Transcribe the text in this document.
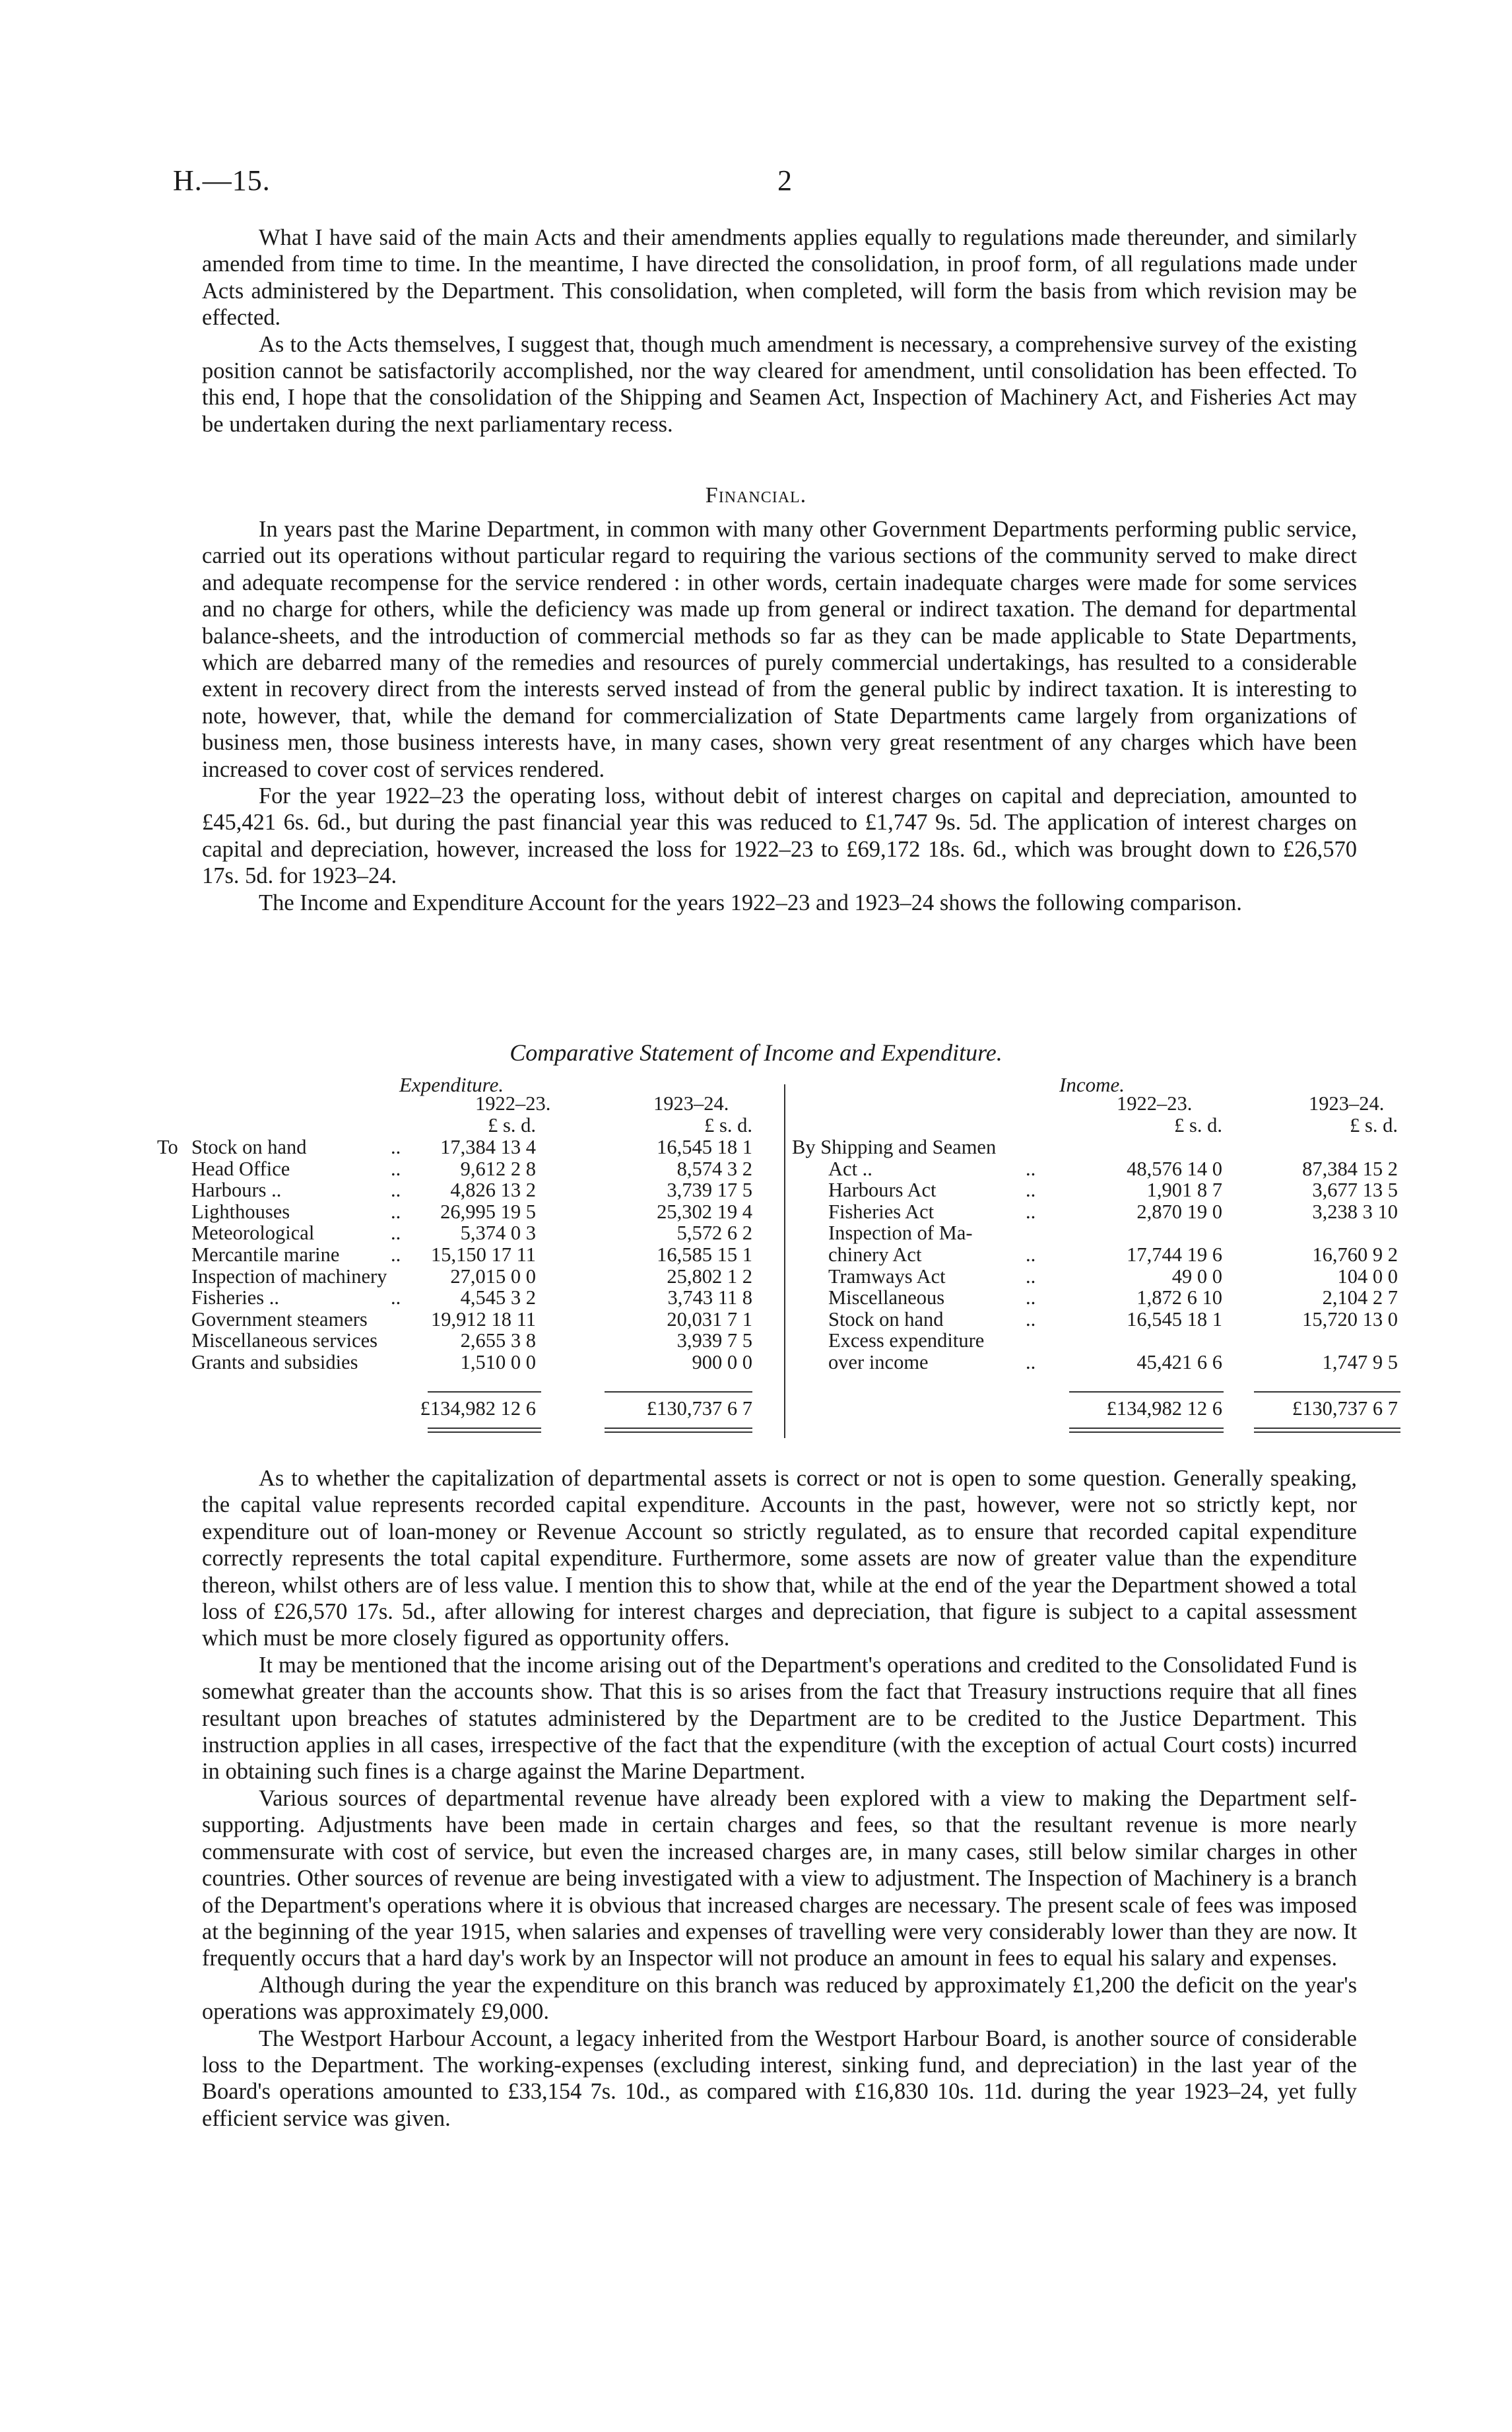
H.—15.	2

What I have said of the main Acts and their amendments applies equally to regulations made thereunder, and similarly amended from time to time. In the meantime, I have directed the consolidation, in proof form, of all regulations made under Acts administered by the Department. This consolidation, when completed, will form the basis from which revision may be effected.

As to the Acts themselves, I suggest that, though much amendment is necessary, a comprehensive survey of the existing position cannot be satisfactorily accomplished, nor the way cleared for amendment, until consolidation has been effected. To this end, I hope that the consolidation of the Shipping and Seamen Act, Inspection of Machinery Act, and Fisheries Act may be undertaken during the next parliamentary recess.

Financial.

In years past the Marine Department, in common with many other Government Departments performing public service, carried out its operations without particular regard to requiring the various sections of the community served to make direct and adequate recompense for the service rendered : in other words, certain inadequate charges were made for some services and no charge for others, while the deficiency was made up from general or indirect taxation. The demand for departmental balance-sheets, and the introduction of commercial methods so far as they can be made applicable to State Departments, which are debarred many of the remedies and resources of purely commercial undertakings, has resulted to a considerable extent in recovery direct from the interests served instead of from the general public by indirect taxation. It is interesting to note, however, that, while the demand for commercialization of State Departments came largely from organizations of business men, those business interests have, in many cases, shown very great resentment of any charges which have been increased to cover cost of services rendered.

For the year 1922–23 the operating loss, without debit of interest charges on capital and depreciation, amounted to £45,421 6s. 6d., but during the past financial year this was reduced to £1,747 9s. 5d. The application of interest charges on capital and depreciation, however, increased the loss for 1922–23 to £69,172 18s. 6d., which was brought down to £26,570 17s. 5d. for 1923–24.

The Income and Expenditure Account for the years 1922–23 and 1923–24 shows the following comparison.

Comparative Statement of Income and Expenditure.
Expenditure.	Income.
1922–23.	1923–24.	1922–23.	1923–24.
£ s. d.	£ s. d.	£ s. d.	£ s. d.
To Stock on hand	..	17,384 13 4	16,545 18 1
Head Office	..	9,612 2 8	8,574 3 2
Harbours ..	..	4,826 13 2	3,739 17 5
Lighthouses	..	26,995 19 5	25,302 19 4
Meteorological	..	5,374 0 3	5,572 6 2
Mercantile marine	..	15,150 17 11	16,585 15 1
Inspection of machinery	27,015 0 0	25,802 1 2
Fisheries ..	..	4,545 3 2	3,743 11 8
Government steamers	19,912 18 11	20,031 7 1
Miscellaneous services	2,655 3 8	3,939 7 5
Grants and subsidies	1,510 0 0	900 0 0
By Shipping and Seamen
Act ..	..	48,576 14 0	87,384 15 2
Harbours Act	..	1,901 8 7	3,677 13 5
Fisheries Act	..	2,870 19 0	3,238 3 10
Inspection of Ma-
chinery Act	..	17,744 19 6	16,760 9 2
Tramways Act	..	49 0 0	104 0 0
Miscellaneous	..	1,872 6 10	2,104 2 7
Stock on hand	..	16,545 18 1	15,720 13 0
Excess expenditure
over income	..	45,421 6 6	1,747 9 5
£134,982 12 6	£130,737 6 7	£134,982 12 6	£130,737 6 7

As to whether the capitalization of departmental assets is correct or not is open to some question. Generally speaking, the capital value represents recorded capital expenditure. Accounts in the past, however, were not so strictly kept, nor expenditure out of loan-money or Revenue Account so strictly regulated, as to ensure that recorded capital expenditure correctly represents the total capital expenditure. Furthermore, some assets are now of greater value than the expenditure thereon, whilst others are of less value. I mention this to show that, while at the end of the year the Department showed a total loss of £26,570 17s. 5d., after allowing for interest charges and depreciation, that figure is subject to a capital assessment which must be more closely figured as opportunity offers.

It may be mentioned that the income arising out of the Department's operations and credited to the Consolidated Fund is somewhat greater than the accounts show. That this is so arises from the fact that Treasury instructions require that all fines resultant upon breaches of statutes administered by the Department are to be credited to the Justice Department. This instruction applies in all cases, irrespective of the fact that the expenditure (with the exception of actual Court costs) incurred in obtaining such fines is a charge against the Marine Department.

Various sources of departmental revenue have already been explored with a view to making the Department self-supporting. Adjustments have been made in certain charges and fees, so that the resultant revenue is more nearly commensurate with cost of service, but even the increased charges are, in many cases, still below similar charges in other countries. Other sources of revenue are being investigated with a view to adjustment. The Inspection of Machinery is a branch of the Department's operations where it is obvious that increased charges are necessary. The present scale of fees was imposed at the beginning of the year 1915, when salaries and expenses of travelling were very considerably lower than they are now. It frequently occurs that a hard day's work by an Inspector will not produce an amount in fees to equal his salary and expenses.

Although during the year the expenditure on this branch was reduced by approximately £1,200 the deficit on the year's operations was approximately £9,000.

The Westport Harbour Account, a legacy inherited from the Westport Harbour Board, is another source of considerable loss to the Department. The working-expenses (excluding interest, sinking fund, and depreciation) in the last year of the Board's operations amounted to £33,154 7s. 10d., as compared with £16,830 10s. 11d. during the year 1923–24, yet fully efficient service was given.
